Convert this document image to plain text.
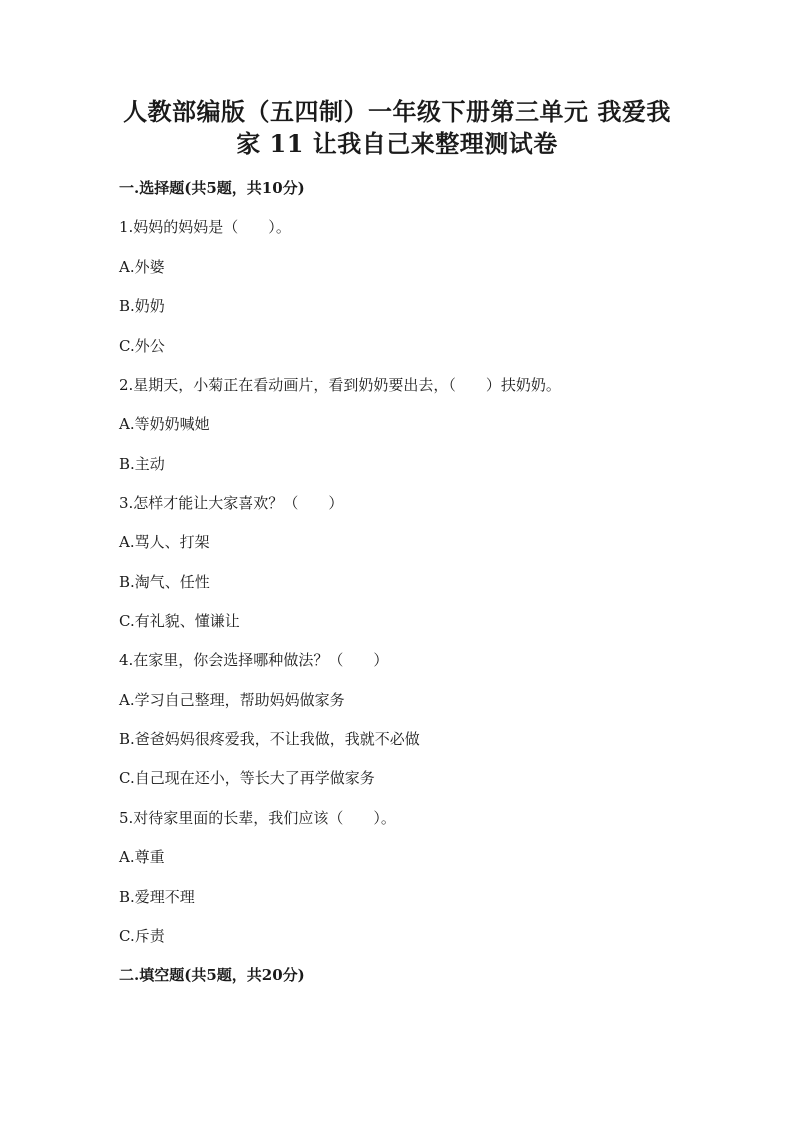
人教部编版（五四制）一年级下册第三单元 我爱我
家 11 让我自己来整理测试卷
一.选择题(共5题，共10分)
1.妈妈的妈妈是（　　）。
A.外婆
B.奶奶
C.外公
2.星期天，小菊正在看动画片，看到奶奶要出去，（　　）扶奶奶。
A.等奶奶喊她
B.主动
3.怎样才能让大家喜欢？（　　）
A.骂人、打架
B.淘气、任性
C.有礼貌、懂谦让
4.在家里，你会选择哪种做法？（　　）
A.学习自己整理，帮助妈妈做家务
B.爸爸妈妈很疼爱我，不让我做，我就不必做
C.自己现在还小，等长大了再学做家务
5.对待家里面的长辈，我们应该（　　）。
A.尊重
B.爱理不理
C.斥责
二.填空题(共5题，共20分)
